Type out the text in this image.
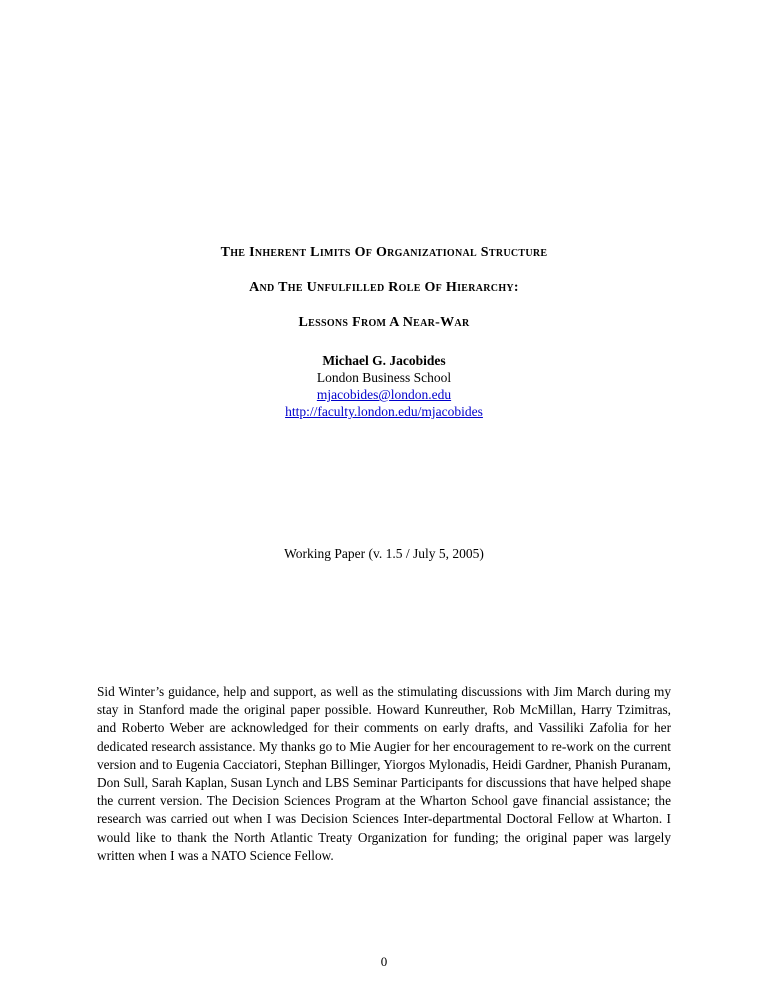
The Inherent Limits Of Organizational Structure
And The Unfulfilled Role Of Hierarchy:
Lessons From A Near-War
Michael G. Jacobides
London Business School
mjacobides@london.edu
http://faculty.london.edu/mjacobides
Working Paper (v. 1.5 / July 5, 2005)

Sid Winter’s guidance, help and support, as well as the stimulating discussions with Jim March during my stay in Stanford made the original paper possible. Howard Kunreuther, Rob McMillan, Harry Tzimitras, and Roberto Weber are acknowledged for their comments on early drafts, and Vassiliki Zafolia for her dedicated research assistance. My thanks go to Mie Augier for her encouragement to re-work on the current version and to Eugenia Cacciatori, Stephan Billinger, Yiorgos Mylonadis, Heidi Gardner, Phanish Puranam, Don Sull, Sarah Kaplan, Susan Lynch and LBS Seminar Participants for discussions that have helped shape the current version. The Decision Sciences Program at the Wharton School gave financial assistance; the research was carried out when I was Decision Sciences Inter-departmental Doctoral Fellow at Wharton. I would like to thank the North Atlantic Treaty Organization for funding; the original paper was largely written when I was a NATO Science Fellow.

0
